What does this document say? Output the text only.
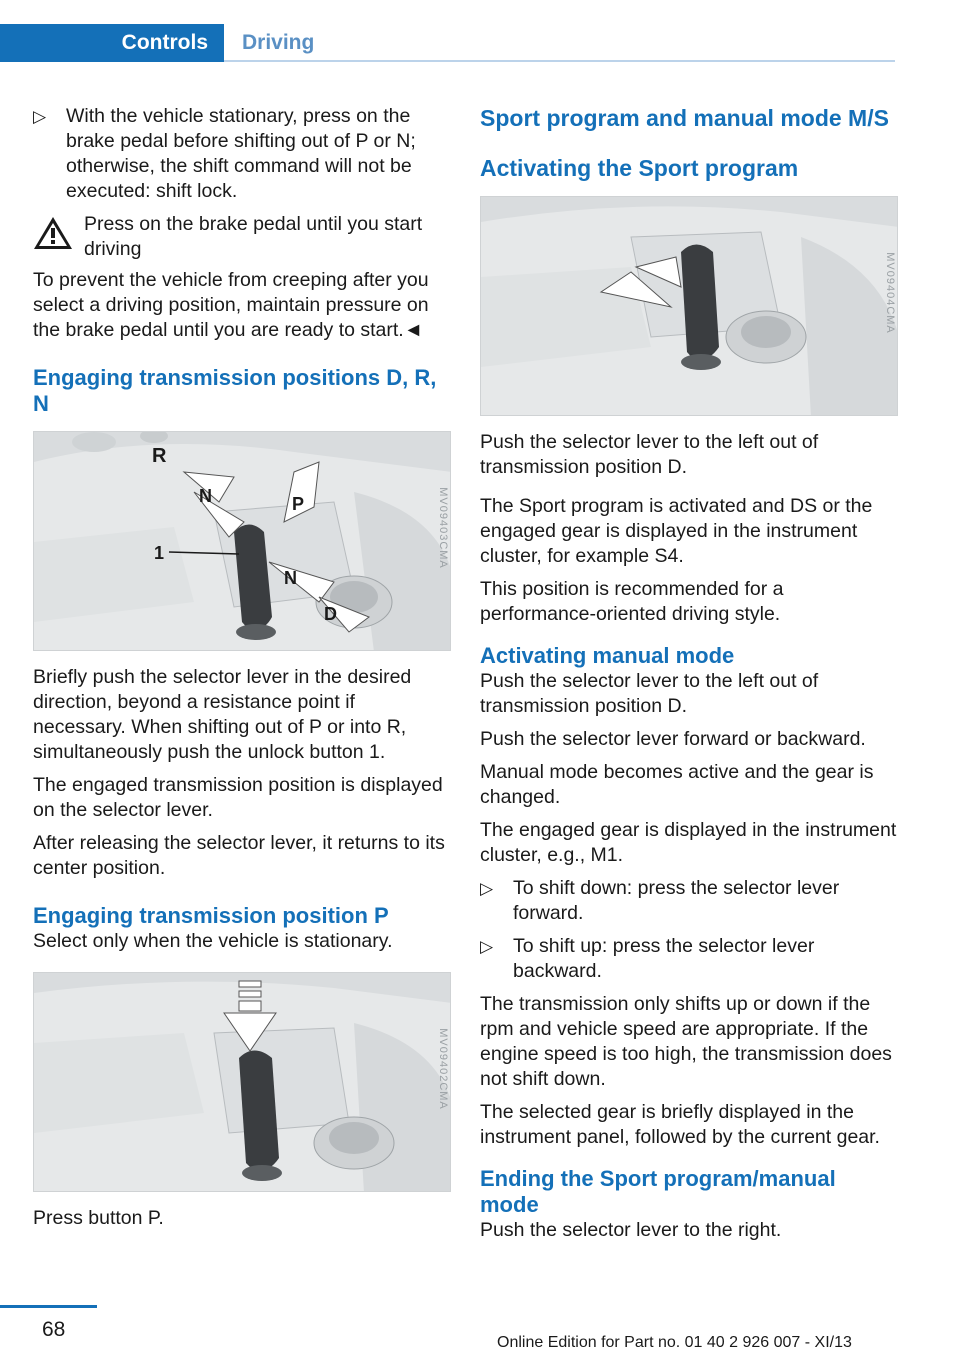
Controls	Driving
▷ With the vehicle stationary, press on the brake pedal before shifting out of P or N; otherwise, the shift command will not be executed: shift lock.
Press on the brake pedal until you start driving

To prevent the vehicle from creeping after you select a driving position, maintain pressure on the brake pedal until you are ready to start.◄

Engaging transmission positions D, R, N
R
N	P
N
D
1	MV09403CMA

Briefly push the selector lever in the desired direction, beyond a resistance point if necessary. When shifting out of P or into R, simultaneously push the unlock button 1.

The engaged transmission position is displayed on the selector lever.

After releasing the selector lever, it returns to its center position.

Engaging transmission position P

Select only when the vehicle is stationary.

MV09402CMA

Press button P.

Sport program and manual mode M/S
Activating the Sport program
MV09404CMA

Push the selector lever to the left out of transmission position D.

The Sport program is activated and DS or the engaged gear is displayed in the instrument cluster, for example S4.

This position is recommended for a performance-oriented driving style.

Activating manual mode

Push the selector lever to the left out of transmission position D.

Push the selector lever forward or backward.

Manual mode becomes active and the gear is changed.

The engaged gear is displayed in the instrument cluster, e.g., M1.

▷ To shift down: press the selector lever forward.
▷ To shift up: press the selector lever backward.

The transmission only shifts up or down if the rpm and vehicle speed are appropriate. If the engine speed is too high, the transmission does not shift down.

The selected gear is briefly displayed in the instrument panel, followed by the current gear.

Ending the Sport program/manual mode

Push the selector lever to the right.

68
Online Edition for Part no. 01 40 2 926 007 - XI/13
